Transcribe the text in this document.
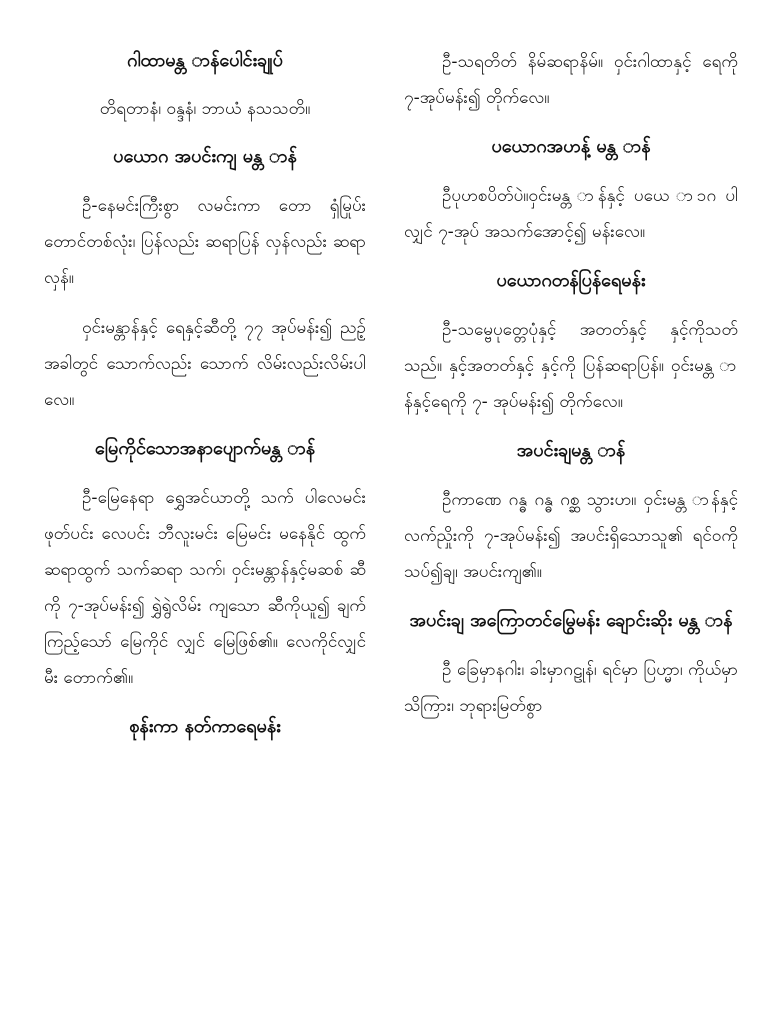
ဂါထာမန္တ ာန်ပေါင်းချုပ်
တိရတာနံ၊ ဝန္ဒနံ၊ ဘာယံ နသသတိ။
ပယောဂ အပင်းကျ မန္တ ာန်
ဦ-နေမင်းကြီးစွာ လမင်းကာ တော ရှံမြုပ်း တောင်တစ်လုံး၊ ပြန်လည်း ဆရာပြန် လှန်လည်း ဆရာလှန်။
ဝှင်းမန္တာန်နှင့် ရေနှင့်ဆီတို့ ၇၇ အုပ်မန်း၍ ညဥ့်အခါတွင် သောက်လည်း သောက် လိမ်းလည်းလိမ်းပါလေ။
မြေကိုင်သောအနာပျောက်မန္တ ာန်
ဦ-မြေနေရာ ရွှေအင်ယာတို့ သက် ပါလေမင်း ဖုတ်ပင်း လေပင်း ဘီလူးမင်း မြေမင်း မနေနိုင် ထွက် ဆရာထွက် သက်ဆရာ သက်၊ ဝှင်းမန္တာန်နှင့်မဆစ် ဆီ ကို ၇-အုပ်မန်း၍ ရွှဲရွဲလိမ်း ကျသော ဆီကိုယူ၍ ချက်ကြည့်သော် မြေကိုင် လျှင် မြေဖြစ်၏။ လေကိုင်လျှင် မီး တောက်၏။
စုန်းကာ နတ်ကာရေမန်း
ဦ-သရတိတ် နိမ်ဆရာနိမ်။ ဝှင်းဂါထာနှင့် ရေကို ၇-အုပ်မန်း၍ တိုက်လေ။
ပယောဂအဟန့် မန္တ ာန်
ဦပုဟစပိတ်ပဲ။ဝှင်းမန္တ ာန်နှင့် ပယေ ာ၁ဂ ပါလျှင် ၇-အုပ် အသက်အောင့်၍ မန်းလေ။
ပယောဂတန်ပြန်ရေမန်း
ဦ-သမ္ဗေပုတ္တေပုံနှင့် အတတ်နှင့် နှင့်ကိုသတ်သည်။ နှင့်အတတ်နှင့် နှင့်ကို ပြန်ဆရာပြန်။ ဝှင်းမန္တ ာန်နှင့်ရေကို ၇- အုပ်မန်း၍ တိုက်လေ။
အပင်းချမန္တ ာန်
ဦကာဏေ ဂန္ဓ ဂန္ဓ ဂစ္ဆ သွားဟ။ ဝှင်းမန္တ ာန်နှင့် လက်ညှိုးကို ၇-အုပ်မန်း၍ အပင်းရှိသောသူ၏ ရင်ဝကို သပ်၍ချ၊ အပင်းကျ၏။
အပင်းချ အကြောတင်မြွေမန်း ချောင်းဆိုး မန္တ ာန်
ဦ ခြေမှာနဂါး၊ ခါးမှာဂဠုန်၊ ရင်မှာ ပြဟ္မာ၊ ကိုယ်မှာသိကြား၊ ဘုရားမြတ်စွာ
